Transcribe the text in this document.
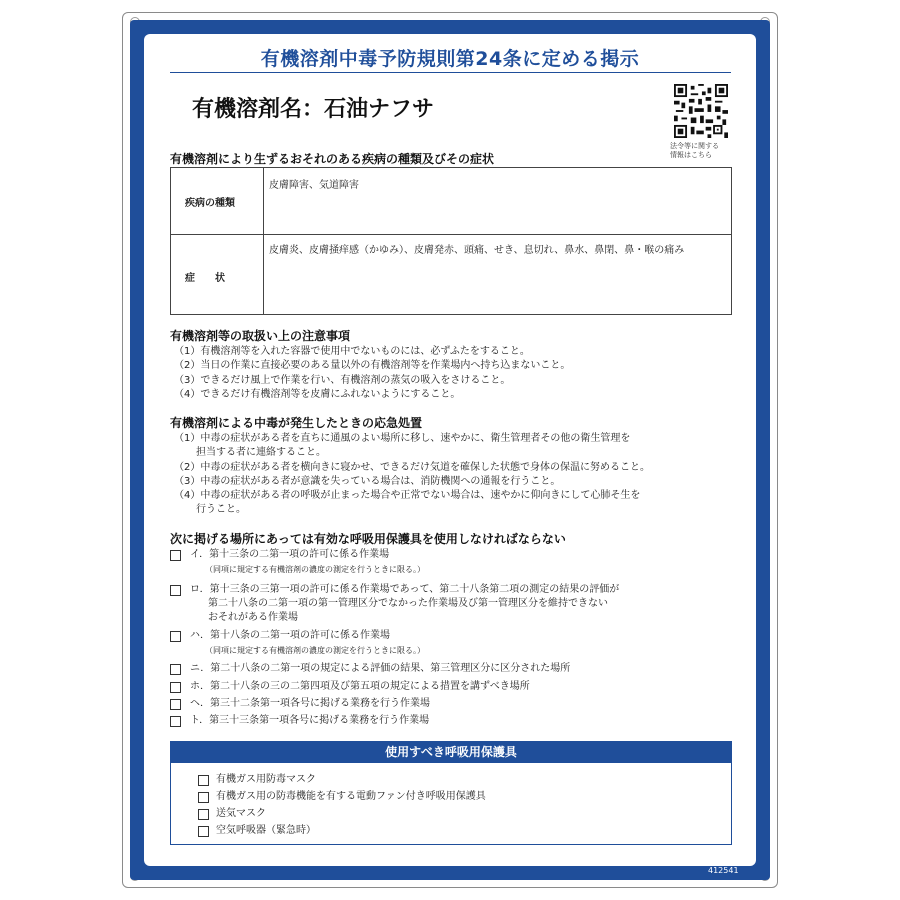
有機溶剤中毒予防規則第24条に定める掲示
有機溶剤名：石油ナフサ
法令等に関する
情報はこちら
有機溶剤により生ずるおそれのある疾病の種類及びその症状
疾病の種類
皮膚障害、気道障害
症　　状
皮膚炎、皮膚掻痒感（かゆみ）、皮膚発赤、頭痛、せき、息切れ、鼻水、鼻閉、鼻・喉の痛み
有機溶剤等の取扱い上の注意事項
（1）有機溶剤等を入れた容器で使用中でないものには、必ずふたをすること。
（2）当日の作業に直接必要のある量以外の有機溶剤等を作業場内へ持ち込まないこと。
（3）できるだけ風上で作業を行い、有機溶剤の蒸気の吸入をさけること。
（4）できるだけ有機溶剤等を皮膚にふれないようにすること。
有機溶剤による中毒が発生したときの応急処置
（1）中毒の症状がある者を直ちに通風のよい場所に移し、速やかに、衛生管理者その他の衛生管理を
担当する者に連絡すること。
（2）中毒の症状がある者を横向きに寝かせ、できるだけ気道を確保した状態で身体の保温に努めること。
（3）中毒の症状がある者が意識を失っている場合は、消防機関への通報を行うこと。
（4）中毒の症状がある者の呼吸が止まった場合や正常でない場合は、速やかに仰向きにして心肺そ生を
行うこと。
次に掲げる場所にあっては有効な呼吸用保護具を使用しなければならない
イ．第十三条の二第一項の許可に係る作業場
（同項に規定する有機溶剤の濃度の測定を行うときに限る。）
ロ．第十三条の三第一項の許可に係る作業場であって、第二十八条第二項の測定の結果の評価が
第二十八条の二第一項の第一管理区分でなかった作業場及び第一管理区分を維持できない
おそれがある作業場
ハ．第十八条の二第一項の許可に係る作業場
（同項に規定する有機溶剤の濃度の測定を行うときに限る。）
ニ．第二十八条の二第一項の規定による評価の結果、第三管理区分に区分された場所
ホ．第二十八条の三の二第四項及び第五項の規定による措置を講ずべき場所
ヘ．第三十二条第一項各号に掲げる業務を行う作業場
ト．第三十三条第一項各号に掲げる業務を行う作業場
使用すべき呼吸用保護具
有機ガス用防毒マスク
有機ガス用の防毒機能を有する電動ファン付き呼吸用保護具
送気マスク
空気呼吸器（緊急時）
412541
